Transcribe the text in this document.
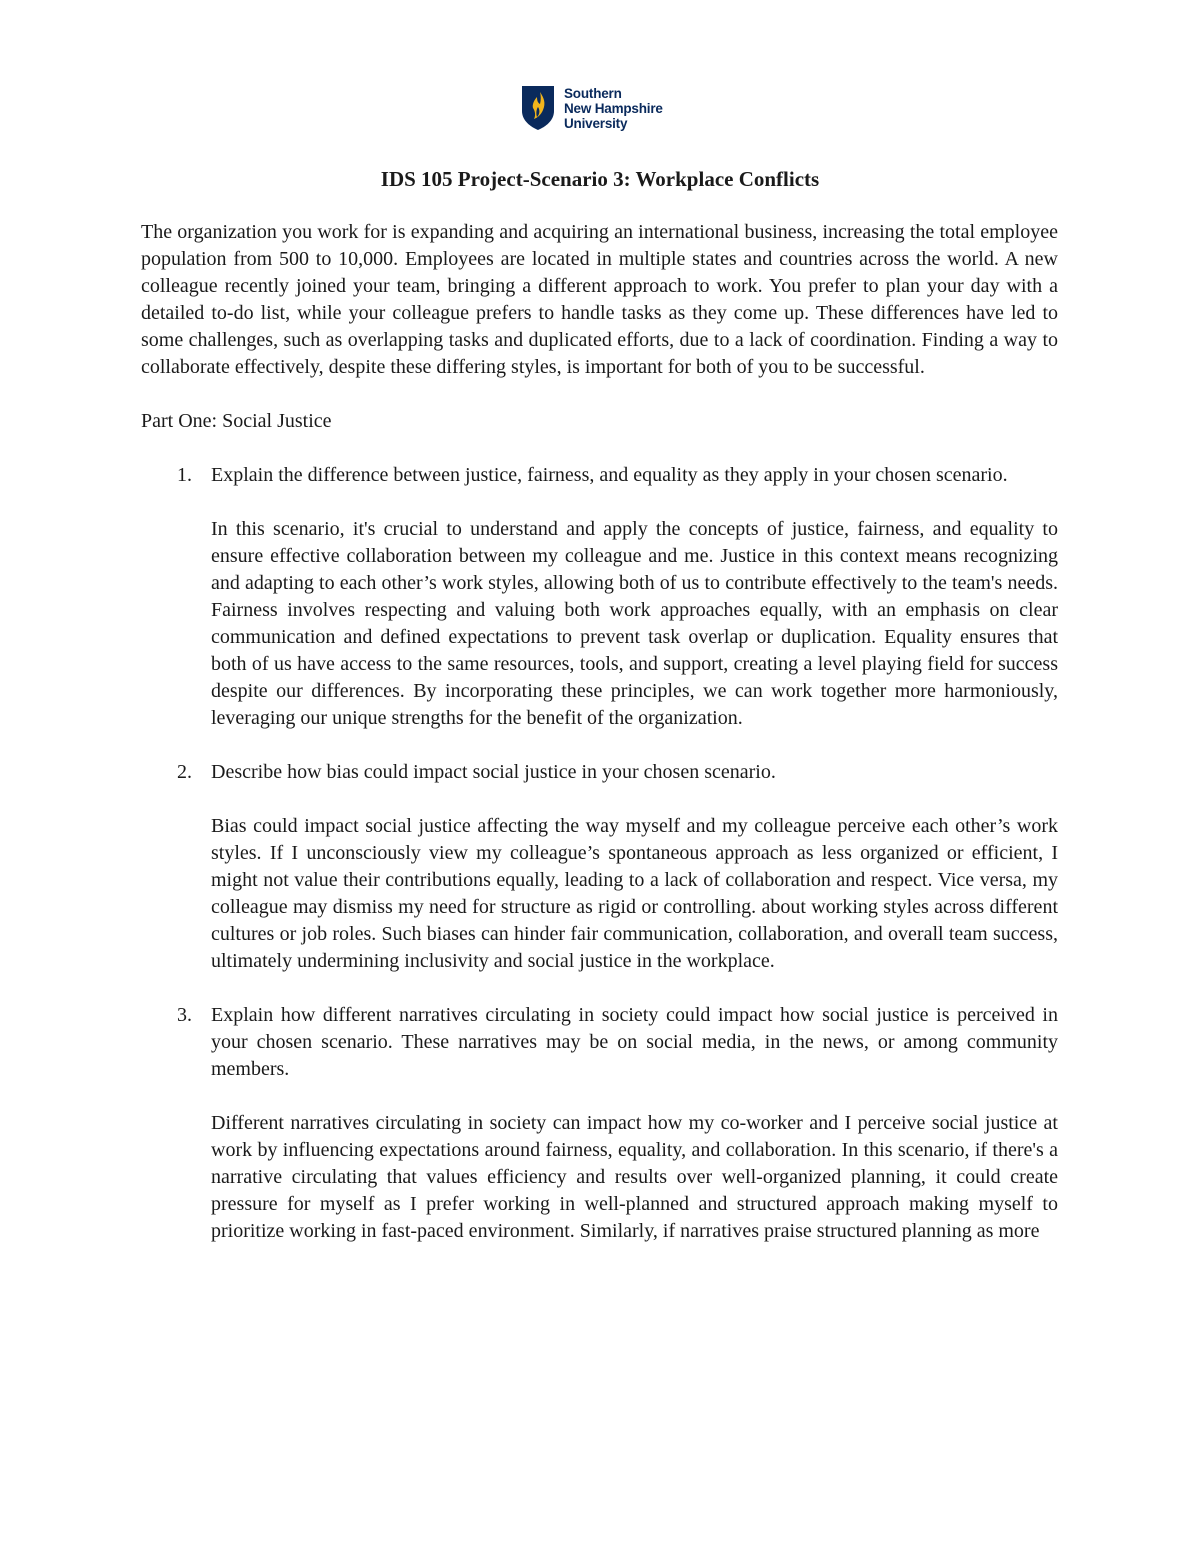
Southern
New Hampshire
University
IDS 105 Project-Scenario 3: Workplace Conflicts

The organization you work for is expanding and acquiring an international business, increasing the total employee population from 500 to 10,000. Employees are located in multiple states and countries across the world. A new colleague recently joined your team, bringing a different approach to work. You prefer to plan your day with a detailed to-do list, while your colleague prefers to handle tasks as they come up. These differences have led to some challenges, such as overlapping tasks and duplicated efforts, due to a lack of coordination. Finding a way to collaborate effectively, despite these differing styles, is important for both of you to be successful.

Part One: Social Justice

1. Explain the difference between justice, fairness, and equality as they apply in your chosen scenario.

In this scenario, it's crucial to understand and apply the concepts of justice, fairness, and equality to ensure effective collaboration between my colleague and me. Justice in this context means recognizing and adapting to each other’s work styles, allowing both of us to contribute effectively to the team's needs. Fairness involves respecting and valuing both work approaches equally, with an emphasis on clear communication and defined expectations to prevent task overlap or duplication. Equality ensures that both of us have access to the same resources, tools, and support, creating a level playing field for success despite our differences. By incorporating these principles, we can work together more harmoniously, leveraging our unique strengths for the benefit of the organization.

2. Describe how bias could impact social justice in your chosen scenario.

Bias could impact social justice affecting the way myself and my colleague perceive each other’s work styles. If I unconsciously view my colleague’s spontaneous approach as less organized or efficient, I might not value their contributions equally, leading to a lack of collaboration and respect. Vice versa, my colleague may dismiss my need for structure as rigid or controlling. about working styles across different cultures or job roles. Such biases can hinder fair communication, collaboration, and overall team success, ultimately undermining inclusivity and social justice in the workplace.

3. Explain how different narratives circulating in society could impact how social justice is perceived in your chosen scenario. These narratives may be on social media, in the news, or among community members.

Different narratives circulating in society can impact how my co-worker and I perceive social justice at work by influencing expectations around fairness, equality, and collaboration. In this scenario, if there's a narrative circulating that values efficiency and results over well-organized planning, it could create pressure for myself as I prefer working in well-planned and structured approach making myself to prioritize working in fast-paced environment. Similarly, if narratives praise structured planning as more
